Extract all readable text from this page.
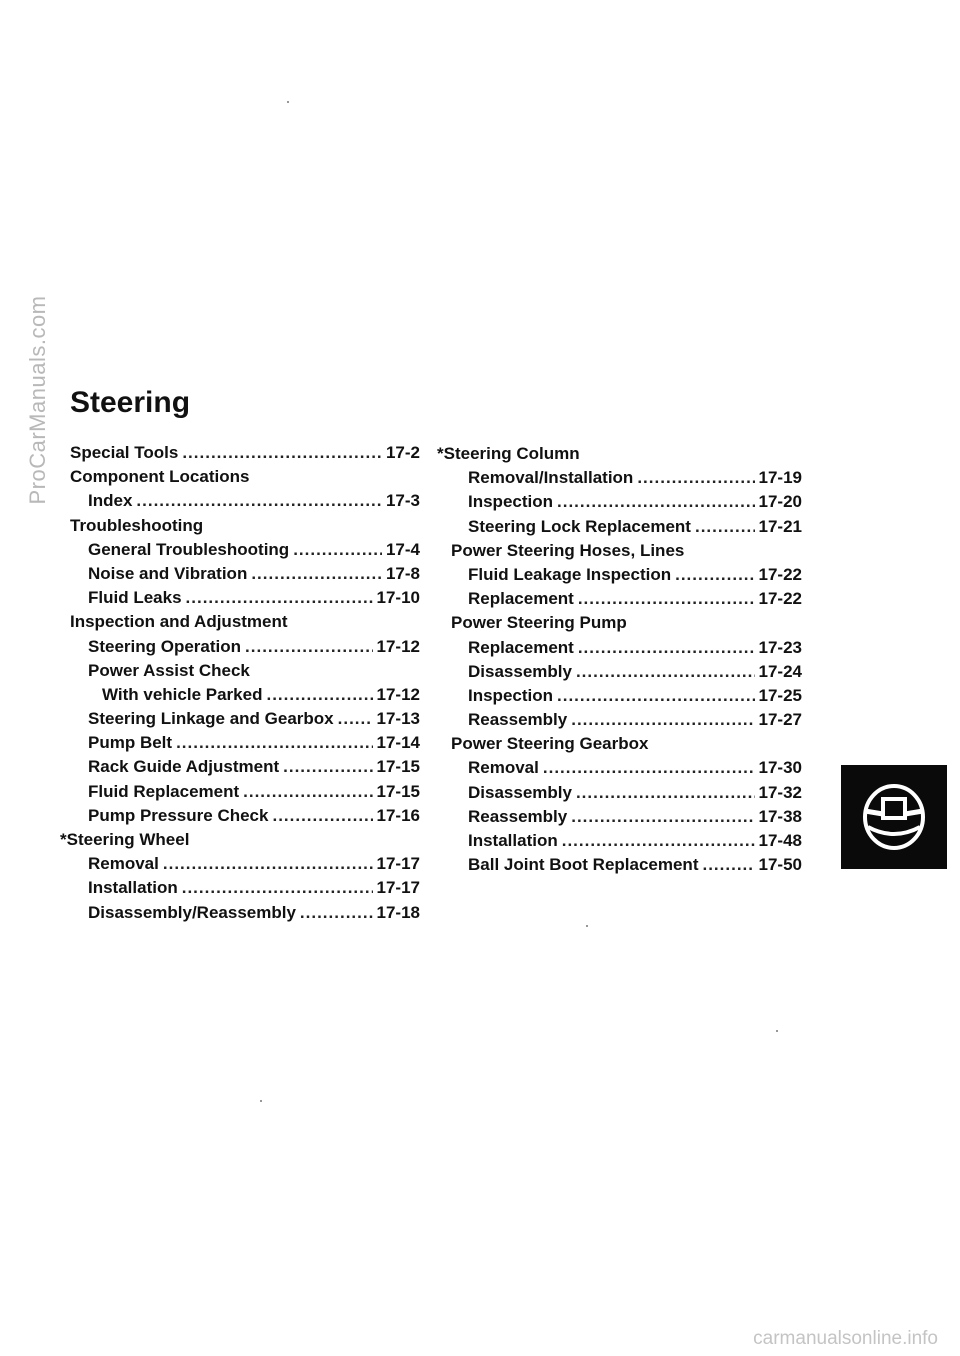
ProCarManuals.com Steering
Special Tools .....	17-2
Component Locations
Index .....	17-3
Troubleshooting
General Troubleshooting .....	17-4
Noise and Vibration .....	17-8
Fluid Leaks .....	17-10
Inspection and Adjustment
Steering Operation .....	17-12
Power Assist Check
With vehicle Parked .....	17-12
Steering Linkage and Gearbox .....	17-13
Pump Belt .....	17-14
Rack Guide Adjustment .....	17-15
Fluid Replacement .....	17-15
Pump Pressure Check .....	17-16
*Steering Wheel
Removal .....	17-17
Installation .....	17-17
Disassembly/Reassembly .....	17-18
*Steering Column
Removal/Installation .....	17-19
Inspection .....	17-20
Steering Lock Replacement .....	17-21
Power Steering Hoses, Lines
Fluid Leakage Inspection .....	17-22
Replacement .....	17-22
Power Steering Pump
Replacement .....	17-23
Disassembly .....	17-24
Inspection .....	17-25
Reassembly .....	17-27
Power Steering Gearbox
Removal .....	17-30
Disassembly .....	17-32
Reassembly .....	17-38
Installation .....	17-48
Ball Joint Boot Replacement .....	17-50
carmanualsonline.info
